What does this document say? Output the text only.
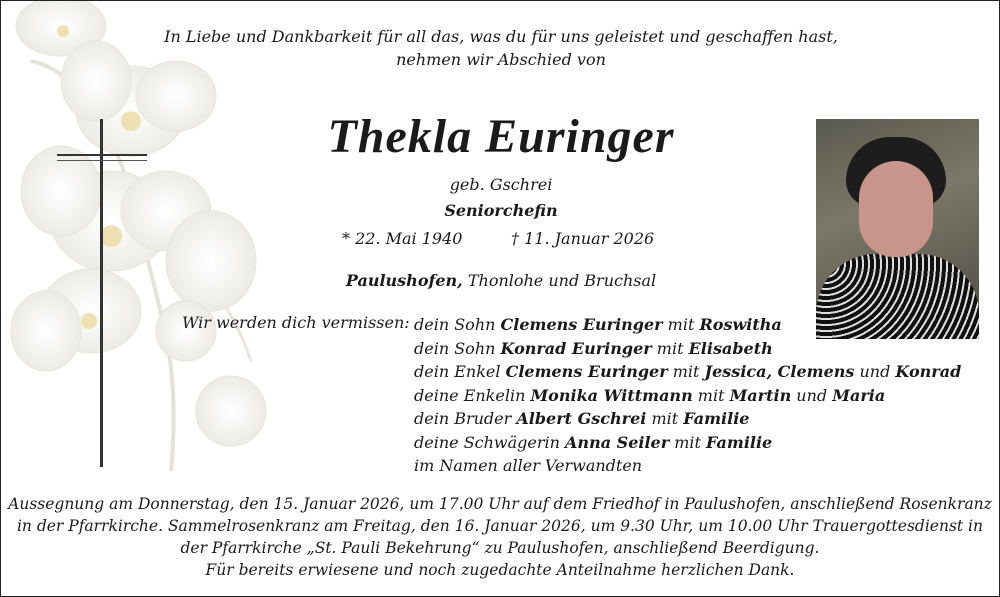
In Liebe und Dankbarkeit für all das, was du für uns geleistet und geschaffen hast,
nehmen wir Abschied von
Thekla Euringer
geb. Gschrei
Seniorchefin
* 22. Mai 1940	† 11. Januar 2026
Paulushofen, Thonlohe und Bruchsal
Wir werden dich vermissen: dein Sohn Clemens Euringer mit Roswitha
dein Sohn Konrad Euringer mit Elisabeth
dein Enkel Clemens Euringer mit Jessica, Clemens und Konrad
deine Enkelin Monika Wittmann mit Martin und Maria
dein Bruder Albert Gschrei mit Familie
deine Schwägerin Anna Seiler mit Familie
im Namen aller Verwandten
Aussegnung am Donnerstag, den 15. Januar 2026, um 17.00 Uhr auf dem Friedhof in Paulushofen, anschließend Rosenkranz
in der Pfarrkirche. Sammelrosenkranz am Freitag, den 16. Januar 2026, um 9.30 Uhr, um 10.00 Uhr Trauergottesdienst in
der Pfarrkirche „St. Pauli Bekehrung“ zu Paulushofen, anschließend Beerdigung.
Für bereits erwiesene und noch zugedachte Anteilnahme herzlichen Dank.
